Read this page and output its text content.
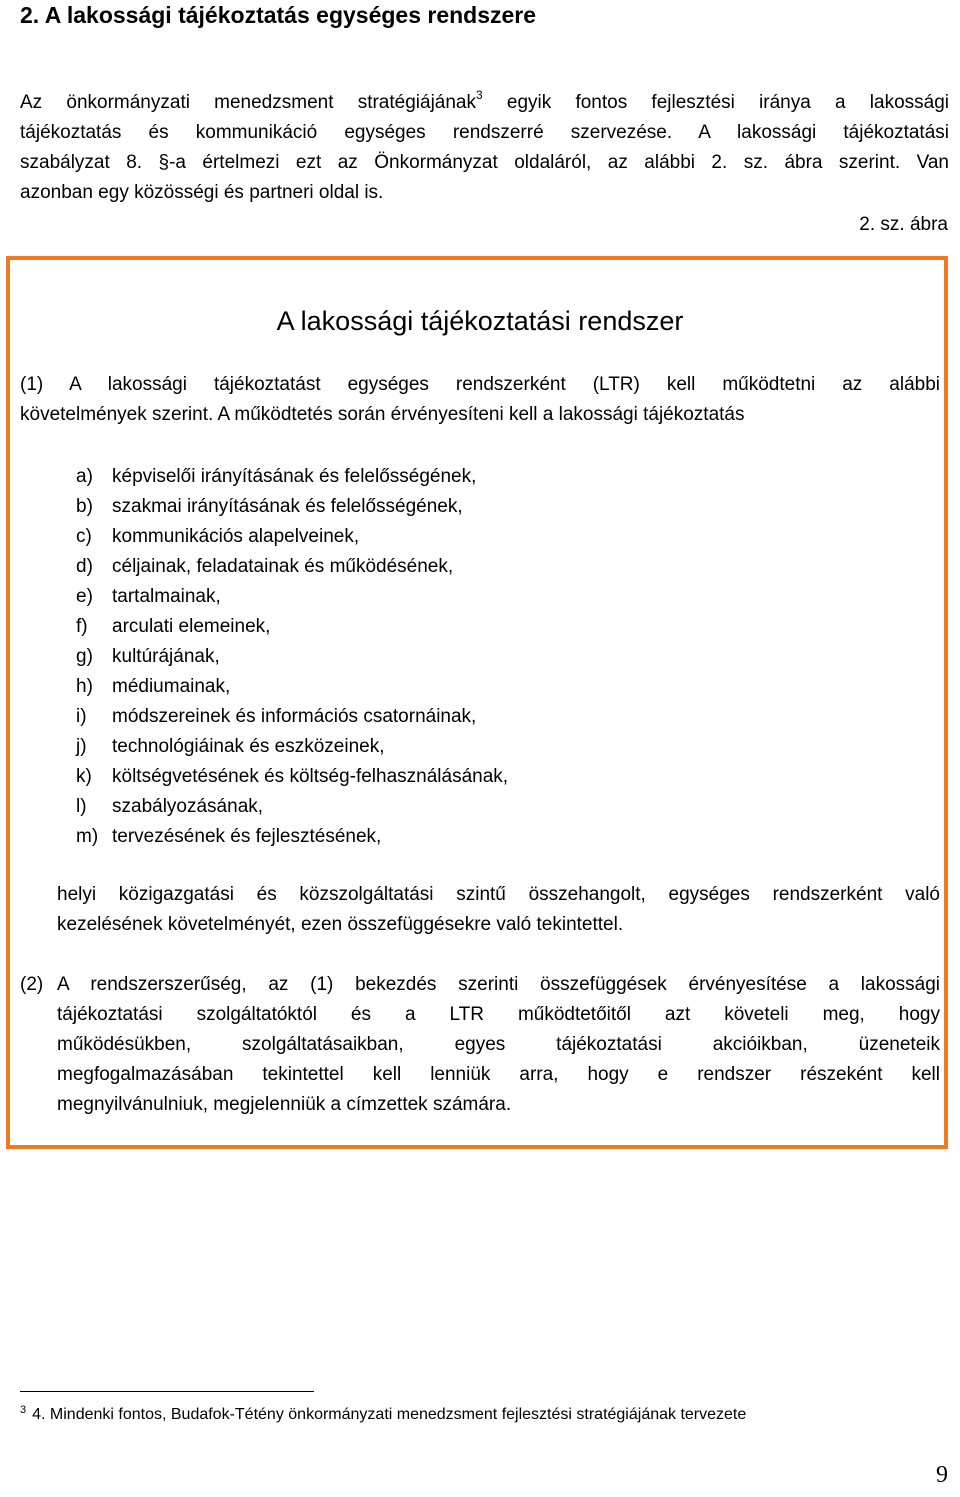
2. A lakossági tájékoztatás egységes rendszere
Az önkormányzati menedzsment stratégiájának$^3$ egyik fontos fejlesztési iránya a lakossági
tájékoztatás és kommunikáció egységes rendszerré szervezése. A lakossági tájékoztatási
szabályzat 8. §-a értelmezi ezt az Önkormányzat oldaláról, az alábbi 2. sz. ábra szerint. Van
azonban egy közösségi és partneri oldal is.
2. sz. ábra
A lakossági tájékoztatási rendszer
(1) A lakossági tájékoztatást egységes rendszerként (LTR) kell működtetni az alábbi
követelmények szerint. A működtetés során érvényesíteni kell a lakossági tájékoztatás
a) képviselői irányításának és felelősségének,
b) szakmai irányításának és felelősségének,
c) kommunikációs alapelveinek,
d) céljainak, feladatainak és működésének,
e) tartalmainak,
f) arculati elemeinek,
g) kultúrájának,
h) médiumainak,
i) módszereinek és információs csatornáinak,
j) technológiáinak és eszközeinek,
k) költségvetésének és költség-felhasználásának,
l) szabályozásának,
m) tervezésének és fejlesztésének,
helyi közigazgatási és közszolgáltatási szintű összehangolt, egységes rendszerként való
kezelésének követelményét, ezen összefüggésekre való tekintettel.
(2) A rendszerszerűség, az (1) bekezdés szerinti összefüggések érvényesítése a lakossági
tájékoztatási szolgáltatóktól és a LTR működtetőitől azt követeli meg, hogy
működésükben, szolgáltatásaikban, egyes tájékoztatási akcióikban, üzeneteik
megfogalmazásában tekintettel kell lenniük arra, hogy e rendszer részeként kell
megnyilvánulniuk, megjelenniük a címzettek számára.
$^3$ 4. Mindenki fontos, Budafok-Tétény önkormányzati menedzsment fejlesztési stratégiájának tervezete
9
